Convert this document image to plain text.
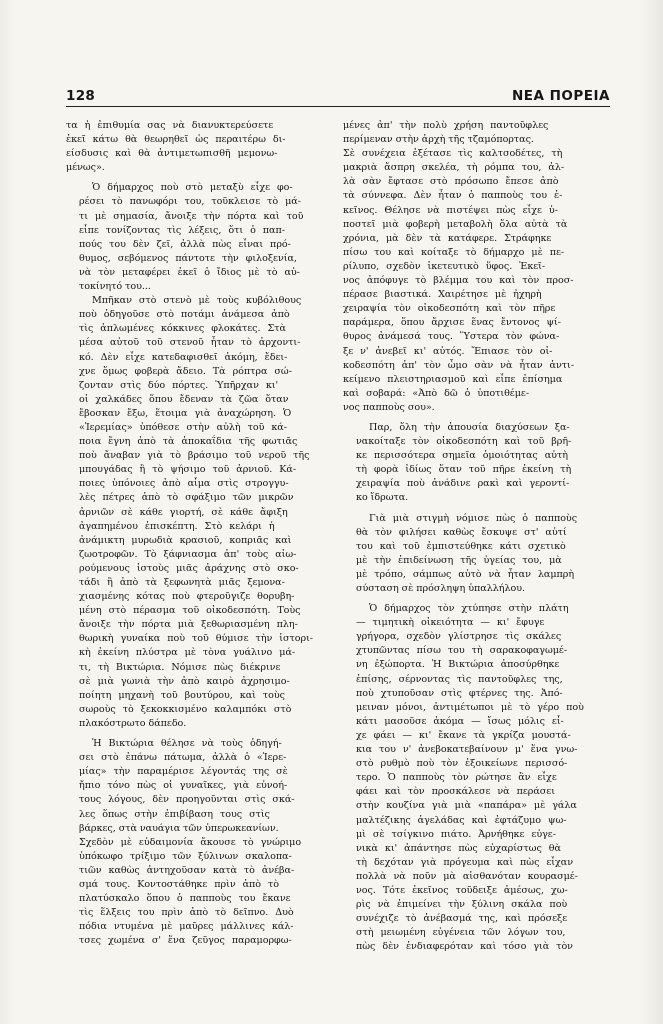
128	ΝΕΑ ΠΟΡΕΙΑ

τα ἡ ἐπιθυμία σας νὰ διανυκτερεύσετε
ἐκεῖ κάτω θὰ θεωρηθεῖ ὡς περαιτέρω δι-
είσδυσις καὶ θὰ ἀντιμετωπισθῆ μεμονω-
μένως».

Ὁ δήμαρχος ποὺ στὸ μεταξὺ εἶχε φο-
ρέσει τὸ πανωφόρι του, τοῦκλεισε τὸ μά-
τι μὲ σημασία, ἄνοιξε τὴν πόρτα καὶ τοῦ
εἶπε τονίζοντας τὶς λέξεις, ὅτι ὁ παπ-
πούς του δὲν ζεῖ, ἀλλὰ πὼς εἶναι πρό-
θυμος, σεβόμενος πάντοτε τὴν φιλοξενία,
νὰ τὸν μεταφέρει ἐκεῖ ὁ ἴδιος μὲ τὸ αὐ-
τοκίνητό του...

Μπῆκαν στὸ στενὸ μὲ τοὺς κυβόλιθους
ποὺ ὁδηγοῦσε στὸ ποτάμι ἀνάμεσα ἀπὸ
τὶς ἁπλωμένες κόκκινες φλοκάτες. Στὰ
μέσα αὐτοῦ τοῦ στενοῦ ἦταν τὸ ἀρχοντι-
κό. Δὲν εἶχε κατεδαφισθεῖ ἀκόμη, ἔδει-
χνε ὅμως φοβερὰ ἄδειο. Τὰ ρόπτρα σώ-
ζονταν στὶς δύο πόρτες. Ὑπῆρχαν κι'
οἱ χαλκάδες ὅπου ἔδεναν τὰ ζῶα ὅταν
ἔβοσκαν ἔξω, ἕτοιμα γιὰ ἀναχώρηση. Ὁ
«Ἱερεμίας» ὑπόθεσε στὴν αὐλὴ τοῦ κά-
ποια ἔγνη ἀπὸ τὰ ἀποκαΐδια τῆς φωτιᾶς
ποὺ ἄναβαν γιὰ τὸ βράσιμο τοῦ νεροῦ τῆς
μπουγάδας ἢ τὸ ψήσιμο τοῦ ἀρνιοῦ. Κά-
ποιες ὑπόνοιες ἀπὸ αἷμα στὶς στρογγυ-
λὲς πέτρες ἀπὸ τὸ σφάξιμο τῶν μικρῶν
ἀρνιῶν σὲ κάθε γιορτή, σὲ κάθε ἄφιξη
ἀγαπημένου ἐπισκέπτη. Στὸ κελάρι ἡ
ἀνάμικτη μυρωδιὰ κρασιοῦ, κοπριᾶς καὶ
ζωοτροφῶν. Τὸ ξάφνιασμα ἀπ' τοὺς αἰω-
ρούμενους ἱστοὺς μιᾶς ἀράχνης στὸ σκο-
τάδι ἢ ἀπὸ τὰ ξεφωνητὰ μιᾶς ξεμονα-
χιασμένης κότας ποὺ φτεροῦγιζε θορυβη-
μένη στὸ πέρασμα τοῦ οἰκοδεσπότη. Τοὺς
ἄνοιξε τὴν πόρτα μιὰ ξεθωριασμένη πλη-
θωρικὴ γυναίκα ποὺ τοῦ θύμισε τὴν ἱστορι-
κὴ ἐκείνη πλύστρα μὲ τὸνα γυάλινο μά-
τι, τὴ Βικτώρια. Νόμισε πὼς διέκρινε
σὲ μιὰ γωνιὰ τὴν ἀπὸ καιρὸ ἀχρησιμο-
ποίητη μηχανὴ τοῦ βουτύρου, καὶ τοὺς
σωροὺς τὸ ξεκοκκισμένο καλαμπόκι στὸ
πλακόστρωτο δάπεδο.

Ἡ Βικτώρια θέλησε νὰ τοὺς ὁδηγή-
σει στὸ ἐπάνω πάτωμα, ἀλλὰ ὁ «Ἱερε-
μίας» τὴν παραμέρισε λέγοντάς της σὲ
ἤπιο τόνο πὼς οἱ γυναῖκες, γιὰ εὐνοή-
τους λόγους, δὲν προηγοῦνται στὶς σκά-
λες ὅπως στὴν ἐπιβίβαση τους στὶς
βάρκες, στὰ ναυάγια τῶν ὑπερωκεανίων.
Σχεδὸν μὲ εὐδαιμονία ἄκουσε τὸ γνώριμο
ὑπόκωφο τρίξιμο τῶν ξύλινων σκαλοπα-
τιῶν καθὼς ἀντηχοῦσαν κατὰ τὸ ἀνέβα-
σμά τους. Κοντοστάθηκε πρὶν ἀπὸ τὸ
πλατύσκαλο ὅπου ὁ παπποὺς του ἔκανε
τὶς ἕλξεις του πρὶν ἀπὸ τὸ δεῖπνο. Δυὸ
πόδια ντυμένα μὲ μαῦρες μάλλινες κάλ-
τσες χωμένα σ' ἕνα ζεῦγος παραμορφω-

μένες ἀπ' τὴν πολὺ χρήση παντοῦφλες
περίμεναν στὴν ἀρχὴ τῆς τζαμόπορτας.
Σὲ συνέχεια ἐξέτασε τὶς καλτσοδέτες, τὴ
μακριὰ ἄσπρη σκελέα, τὴ ρόμπα του, ἀλ-
λὰ σὰν ἔφτασε στὸ πρόσωπο ἔπεσε ἀπὸ
τὰ σύννεφα. Δὲν ἦταν ὁ παπποὺς του ἐ-
κεῖνος. Θέλησε νὰ πιστέψει πὼς εἶχε ὑ-
ποστεῖ μιὰ φοβερὴ μεταβολὴ ὅλα αὐτὰ τὰ
χρόνια, μὰ δὲν τὰ κατάφερε. Στράφηκε
πίσω του καὶ κοίταξε τὸ δήμαρχο μὲ πε-
ρίλυπο, σχεδὸν ἱκετευτικὸ ὕφος. Ἐκεῖ-
νος ἀπόφυγε τὸ βλέμμα του καὶ τὸν προσ-
πέρασε βιαστικά. Χαιρέτησε μὲ ἠχηρὴ
χειραψία τὸν οἰκοδεσπότη καὶ τὸν πῆρε
παράμερα, ὅπου ἄρχισε ἕνας ἔντονος ψί-
θυρος ἀνάμεσά τους. Ὕστερα τὸν φώνα-
ξε ν' ἀνεβεῖ κι' αὐτός. Ἔπιασε τὸν οἰ-
κοδεσπότη ἀπ' τὸν ὦμο σὰν νὰ ἦταν ἀντι-
κείμενο πλειστηριασμοῦ καὶ εἶπε ἐπίσημα
καὶ σοβαρά: «Ἀπὸ δῶ ὁ ὑποτιθέμε-
νος παπποὺς σου».

Παρ, ὅλη τὴν ἀπουσία διαχύσεων ξα-
νακοίταξε τὸν οἰκοδεσπότη καὶ τοῦ βρῆ-
κε περισσότερα σημεῖα ὁμοιότητας αὐτὴ
τὴ φορὰ ἰδίως ὅταν τοῦ πῆρε ἐκείνη τὴ
χειραψία ποὺ ἀνάδινε ρακὶ καὶ γεροντί-
κο ἵδρωτα.

Γιὰ μιὰ στιγμὴ νόμισε πὼς ὁ παπποὺς
θὰ τὸν φιλήσει καθὼς ἔσκυψε στ' αὐτί
του καὶ τοῦ ἐμπιστεύθηκε κάτι σχετικὸ
μὲ τὴν ἐπιδείνωση τῆς ὑγείας του, μὰ
μὲ τρόπο, σάμπως αὐτὸ νὰ ἦταν λαμπρὴ
σύσταση σὲ πρόσληψη ὑπαλλήλου.

Ὁ δήμαρχος τὸν χτύπησε στὴν πλάτη
— τιμητικὴ οἰκειότητα — κι' ἔφυγε
γρήγορα, σχεδὸν γλίστρησε τὶς σκάλες
χτυπῶντας πίσω του τὴ σαρακοφαγωμέ-
νη ἐξώπορτα. Ἡ Βικτώρια ἀποσύρθηκε
ἐπίσης, σέρνοντας τὶς παντοῦφλες της,
ποὺ χτυποῦσαν στὶς φτέρνες της. Ἀπό-
μειναν μόνοι, ἀντιμέτωποι μὲ τὸ γέρο ποὺ
κάτι μασοῦσε ἀκόμα — ἴσως μόλις εἶ-
χε φάει — κι' ἔκανε τὰ γκρίζα μουστά-
κια του ν' ἀνεβοκατεβαίνουν μ' ἕνα γνω-
στὸ ρυθμὸ ποὺ τὸν ἐξοικείωνε περισσό-
τερο. Ὁ παπποὺς τὸν ρώτησε ἂν εἶχε
φάει καὶ τὸν προσκάλεσε νὰ περάσει
στὴν κουζίνα γιὰ μιὰ «παπάρα» μὲ γάλα
μαλτέζικης ἀγελάδας καὶ ἐφτάζυμο ψω-
μὶ σὲ τσίγκινο πιάτο. Ἀρνήθηκε εὐγε-
νικὰ κι' ἀπάντησε πὼς εὐχαρίστως θὰ
τὴ δεχόταν γιὰ πρόγευμα καὶ πὼς εἶχαν
πολλὰ νὰ ποῦν μὰ αἰσθανόταν κουρασμέ-
νος. Τότε ἐκεῖνος τοῦδειξε ἀμέσως, χω-
ρὶς νὰ ἐπιμείνει τὴν ξύλινη σκάλα ποὺ
συνέχιζε τὸ ἀνέβασμά της, καὶ πρόσεξε
στὴ μειωμένη εὐγένεια τῶν λόγων του,
πὼς δὲν ἐνδιαφερόταν καὶ τόσο γιὰ τὸν
